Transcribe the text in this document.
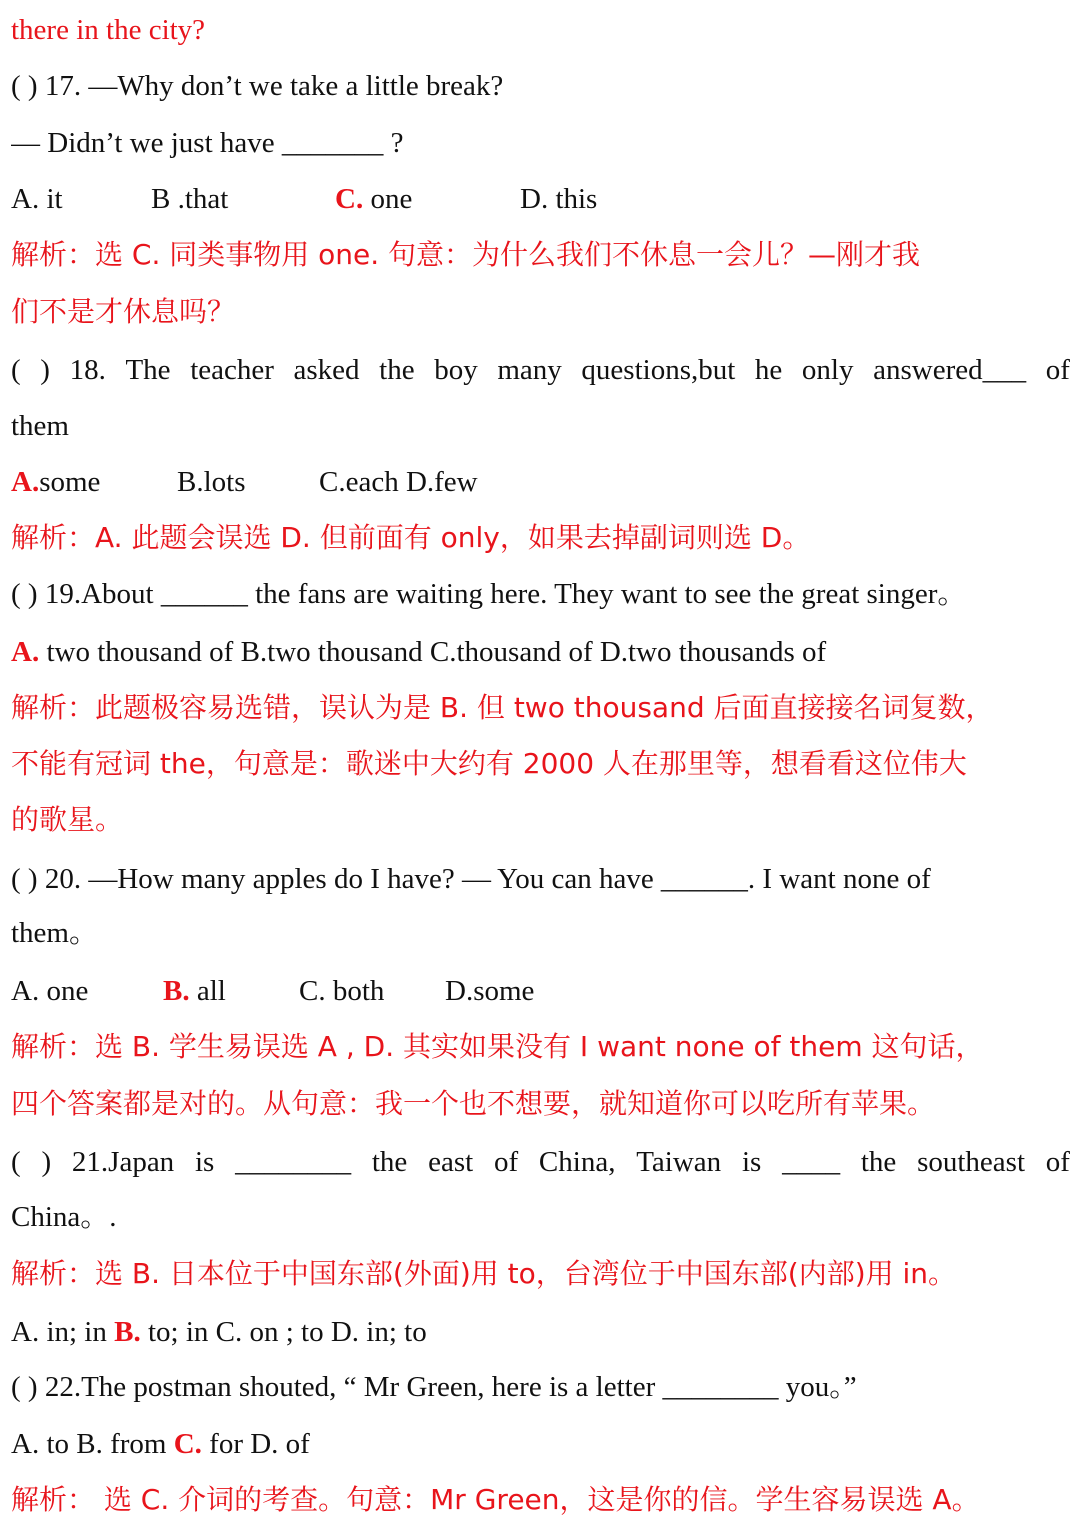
there in the city?
( ) 17. —Why don’t we take a little break?
— Didn’t we just have _______ ?
A. it	B .that	C. one	D. this
解析：选 C. 同类事物用 one. 句意：为什么我们不休息一会儿？—刚才我
们不是才休息吗？
( ) 18. The teacher asked the boy many questions,but he only answered___ of
them
A.some	B.lots	C.each D.few
解析：A. 此题会误选 D. 但前面有 only，如果去掉副词则选 D。
( ) 19.About ______ the fans are waiting here. They want to see the great singer。
A. two thousand of B.two thousand C.thousand of D.two thousands of
解析：此题极容易选错，误认为是 B. 但 two thousand 后面直接接名词复数，
不能有冠词 the，句意是：歌迷中大约有 2000 人在那里等，想看看这位伟大
的歌星。
( ) 20. —How many apples do I have? — You can have ______. I want none of
them。
A. one	B. all	C. both D.some
解析：选 B. 学生易误选 A , D. 其实如果没有 I want none of them 这句话，
四个答案都是对的。从句意：我一个也不想要，就知道你可以吃所有苹果。
( ) 21.Japan is ________ the east of China, Taiwan is ____ the southeast of
China。.
解析：选 B. 日本位于中国东部(外面)用 to，台湾位于中国东部(内部)用 in。
A. in; in B. to; in C. on ; to D. in; to
( ) 22.The postman shouted, “ Mr Green, here is a letter ________ you。”
A. to B. from C. for D. of
解析： 选 C. 介词的考查。句意：Mr Green，这是你的信。学生容易误选 A。
